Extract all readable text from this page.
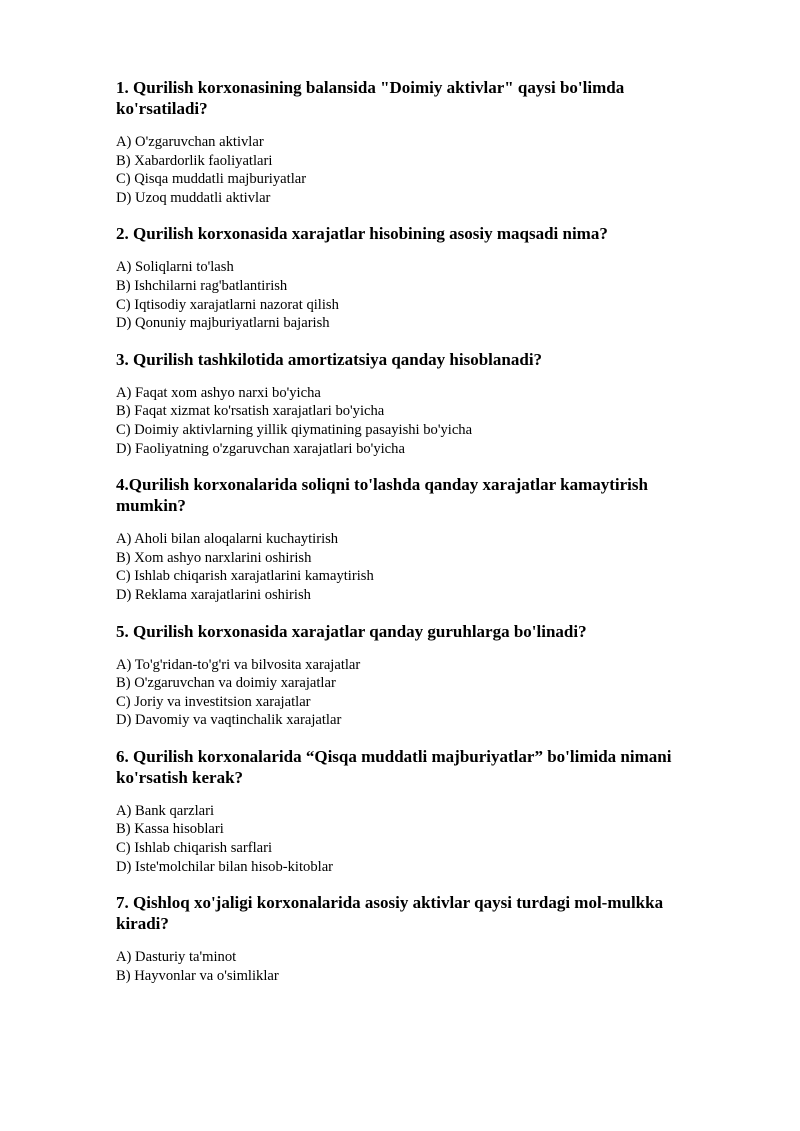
1. Qurilish korxonasining balansida "Doimiy aktivlar" qaysi bo'limda ko'rsatiladi?

A) O'zgaruvchan aktivlar
B) Xabardorlik faoliyatlari
C) Qisqa muddatli majburiyatlar
D) Uzoq muddatli aktivlar

2. Qurilish korxonasida xarajatlar hisobining asosiy maqsadi nima?

A) Soliqlarni to'lash
B) Ishchilarni rag'batlantirish
C) Iqtisodiy xarajatlarni nazorat qilish
D) Qonuniy majburiyatlarni bajarish

3. Qurilish tashkilotida amortizatsiya qanday hisoblanadi?

A) Faqat xom ashyo narxi bo'yicha
B) Faqat xizmat ko'rsatish xarajatlari bo'yicha
C) Doimiy aktivlarning yillik qiymatining pasayishi bo'yicha
D) Faoliyatning o'zgaruvchan xarajatlari bo'yicha

4.Qurilish korxonalarida soliqni to'lashda qanday xarajatlar kamaytirish mumkin?

A) Aholi bilan aloqalarni kuchaytirish
B) Xom ashyo narxlarini oshirish
C) Ishlab chiqarish xarajatlarini kamaytirish
D) Reklama xarajatlarini oshirish

5. Qurilish korxonasida xarajatlar qanday guruhlarga bo'linadi?

A) To'g'ridan-to'g'ri va bilvosita xarajatlar
B) O'zgaruvchan va doimiy xarajatlar
C) Joriy va investitsion xarajatlar
D) Davomiy va vaqtinchalik xarajatlar

6. Qurilish korxonalarida “Qisqa muddatli majburiyatlar” bo'limida nimani ko'rsatish kerak?

A) Bank qarzlari
B) Kassa hisoblari
C) Ishlab chiqarish sarflari
D) Iste'molchilar bilan hisob-kitoblar

7. Qishloq xo'jaligi korxonalarida asosiy aktivlar qaysi turdagi mol-mulkka kiradi?

A) Dasturiy ta'minot
B) Hayvonlar va o'simliklar
